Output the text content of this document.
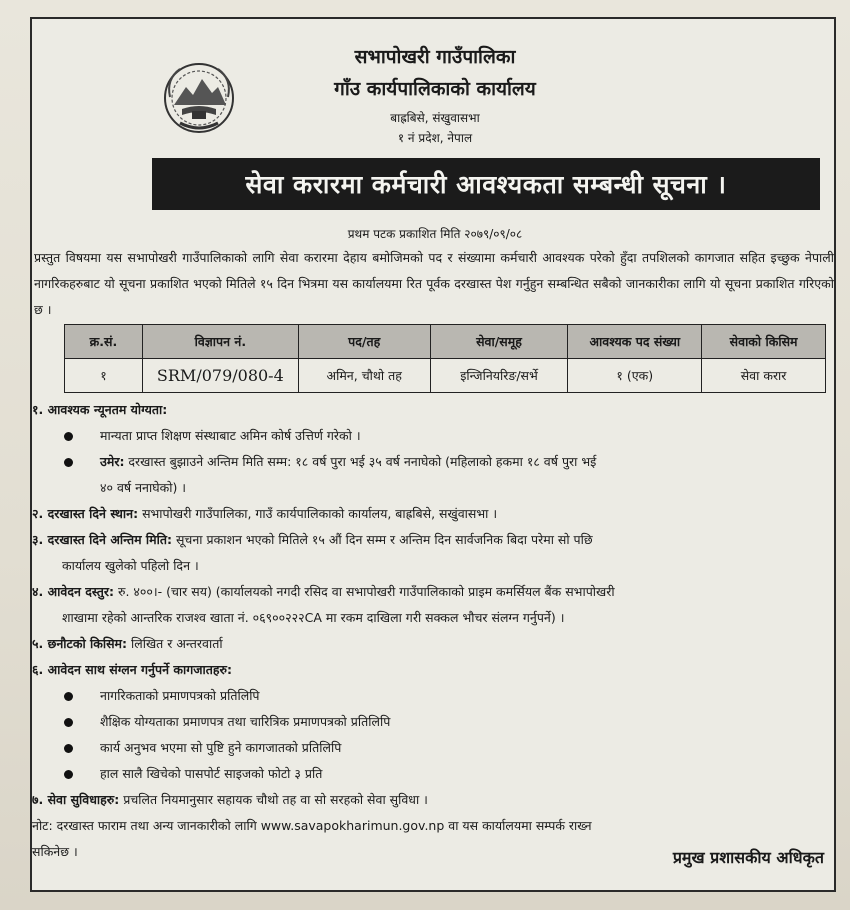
सभापोखरी गाउँपालिका
गाँउ कार्यपालिकाको कार्यालय
बाह्रबिसे, संखुवासभा
१ नं प्रदेश, नेपाल
सेवा करारमा कर्मचारी आवश्यकता सम्बन्धी सूचना ।
प्रथम पटक प्रकाशित मिति २०७९/०९/०८
प्रस्तुत विषयमा यस सभापोखरी गाउँपालिकाको लागि सेवा करारमा देहाय बमोजिमको पद र संख्यामा कर्मचारी आवश्यक परेको हुँदा तपशिलको कागजात सहित इच्छुक नेपाली नागरिकहरुबाट यो सूचना प्रकाशित भएको मितिले १५ दिन भित्रमा यस कार्यालयमा रित पूर्वक दरखास्त पेश गर्नुहुन सम्बन्धित सबैको जानकारीका लागि यो सूचना प्रकाशित गरिएको छ ।
क्र.सं.	विज्ञापन नं.	पद/तह	सेवा/समूह	आवश्यक पद संख्या	सेवाको किसिम
१	SRM/079/080-4	अमिन, चौथो तह	इन्जिनियरिङ/सर्भे	१ (एक)	सेवा करार
१. आवश्यक न्यूनतम योग्यता:
मान्यता प्राप्त शिक्षण संस्थाबाट अमिन कोर्ष उत्तिर्ण गरेको ।
उमेर: दरखास्त बुझाउने अन्तिम मिति सम्म: १८ वर्ष पुरा भई ३५ वर्ष ननाघेको (महिलाको हकमा १८ वर्ष पुरा भई
४० वर्ष ननाघेको) ।
२. दरखास्त दिने स्थान: सभापोखरी गाउँपालिका, गाउँ कार्यपालिकाको कार्यालय, बाह्रबिसे, सखुंवासभा ।
३. दरखास्त दिने अन्तिम मिति: सूचना प्रकाशन भएको मितिले १५ औं दिन सम्म र अन्तिम दिन सार्वजनिक बिदा परेमा सो पछि
कार्यालय खुलेको पहिलो दिन ।
४. आवेदन दस्तुर: रु. ४००।- (चार सय) (कार्यालयको नगदी रसिद वा सभापोखरी गाउँपालिकाको प्राइम कमर्सियल बैंक सभापोखरी
शाखामा रहेको आन्तरिक राजश्व खाता नं. ०६९००२२२CA मा रकम दाखिला गरी सक्कल भौचर संलग्न गर्नुपर्ने) ।
५. छनौटको किसिम: लिखित र अन्तरवार्ता
६. आवेदन साथ संग्लन गर्नुपर्ने कागजातहरु:
नागरिकताको प्रमाणपत्रको प्रतिलिपि
शैक्षिक योग्यताका प्रमाणपत्र तथा चारित्रिक प्रमाणपत्रको प्रतिलिपि
कार्य अनुभव भएमा सो पुष्टि हुने कागजातको प्रतिलिपि
हाल सालै खिचेको पासपोर्ट साइजको फोटो ३ प्रति
७. सेवा सुविधाहरु: प्रचलित नियमानुसार सहायक चौथो तह वा सो सरहको सेवा सुविधा ।
नोट: दरखास्त फाराम तथा अन्य जानकारीको लागि www.savapokharimun.gov.np वा यस कार्यालयमा सम्पर्क राख्न
सकिनेछ ।	प्रमुख प्रशासकीय अधिकृत
